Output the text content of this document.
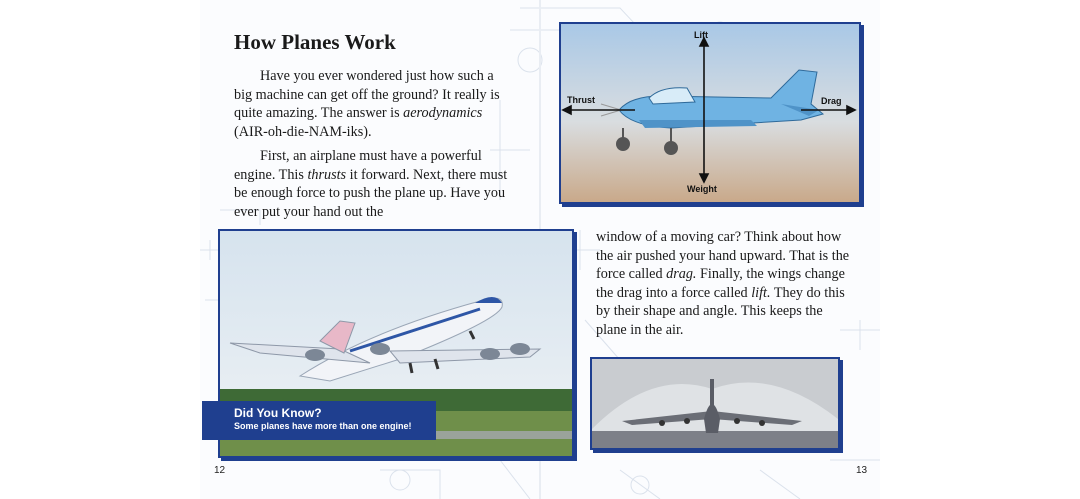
How Planes Work

Have you ever wondered just how such a big machine can get off the ground? It really is quite amazing. The answer is aerodynamics (AIR-oh-die-NAM-iks).

First, an airplane must have a powerful engine. This thrusts it forward. Next, there must be enough force to push the plane up. Have you ever put your hand out the

window of a moving car? Think about how the air pushed your hand upward. That is the force called drag. Finally, the wings change the drag into a force called lift. They do this by their shape and angle. This keeps the plane in the air.

Lift
Thrust	Drag
Weight
Did You Know?
Some planes have more than one engine!
12	13
